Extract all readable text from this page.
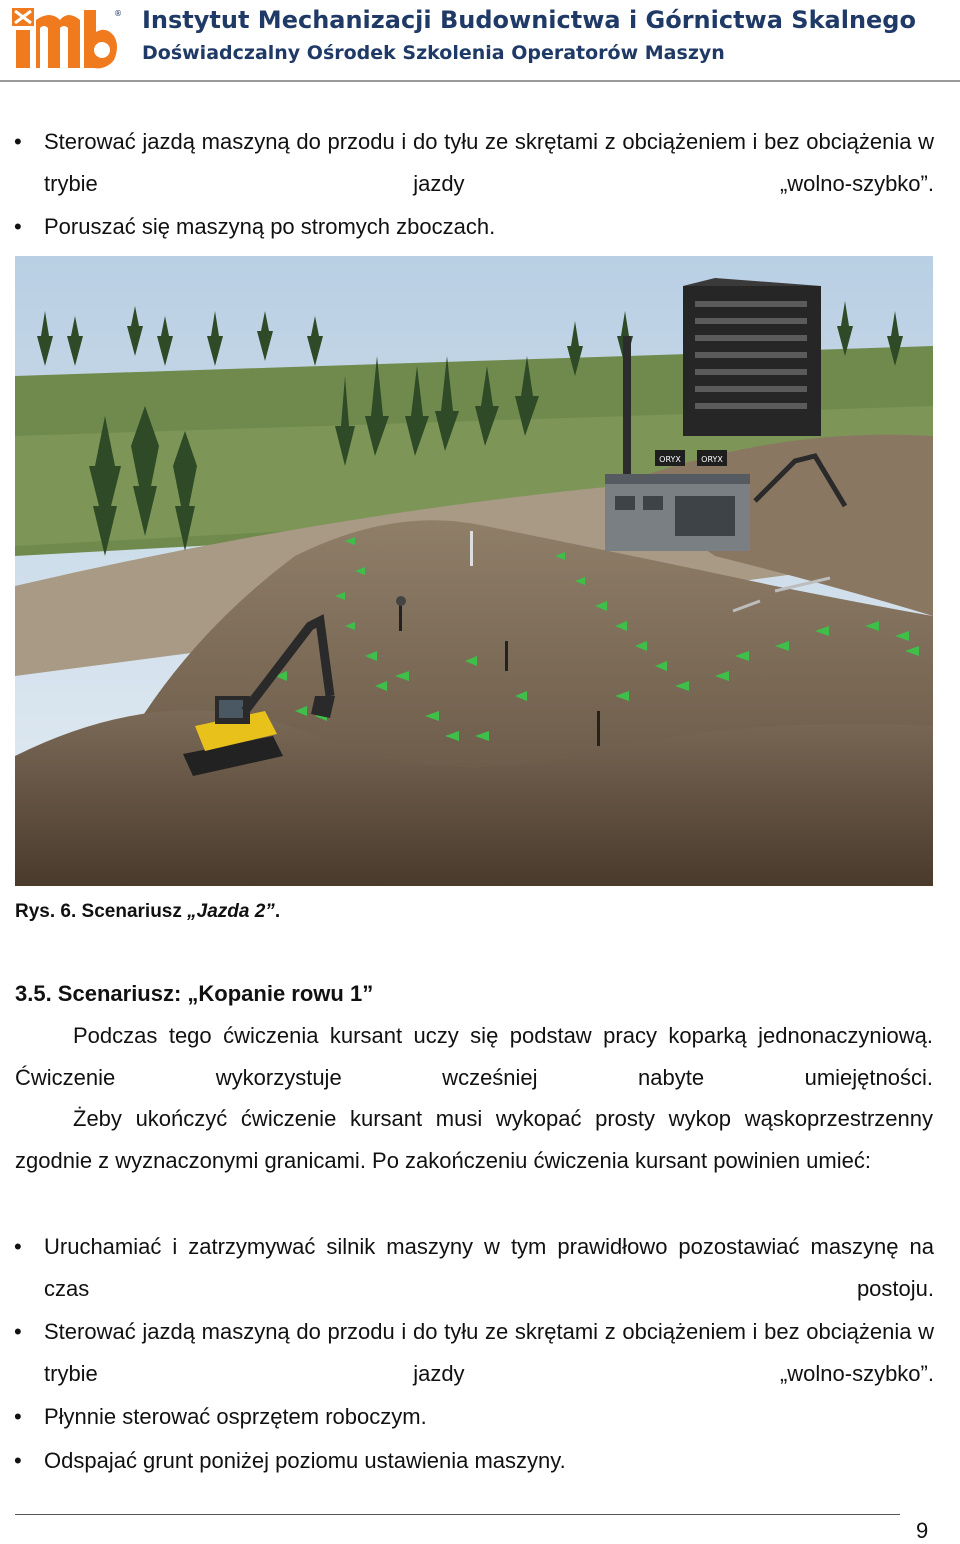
® Instytut Mechanizacji Budownictwa i Górnictwa Skalnego
Doświadczalny Ośrodek Szkolenia Operatorów Maszyn
• Sterować jazdą maszyną do przodu i do tyłu ze skrętami z obciążeniem i bez obciążenia w trybie jazdy „wolno-szybko”.
• Poruszać się maszyną po stromych zboczach.
ORYX	ORYX
Rys. 6. Scenariusz „Jazda 2”.
3.5. Scenariusz: „Kopanie rowu 1”
Podczas tego ćwiczenia kursant uczy się podstaw pracy koparką jednonaczyniową. Ćwiczenie wykorzystuje wcześniej nabyte umiejętności.
Żeby ukończyć ćwiczenie kursant musi wykopać prosty wykop wąskoprzestrzenny zgodnie z wyznaczonymi granicami. Po zakończeniu ćwiczenia kursant powinien umieć:
• Uruchamiać i zatrzymywać silnik maszyny w tym prawidłowo pozostawiać maszynę na czas postoju.
• Sterować jazdą maszyną do przodu i do tyłu ze skrętami z obciążeniem i bez obciążenia w trybie jazdy „wolno-szybko”.
• Płynnie sterować osprzętem roboczym.
• Odspajać grunt poniżej poziomu ustawienia maszyny.
9
